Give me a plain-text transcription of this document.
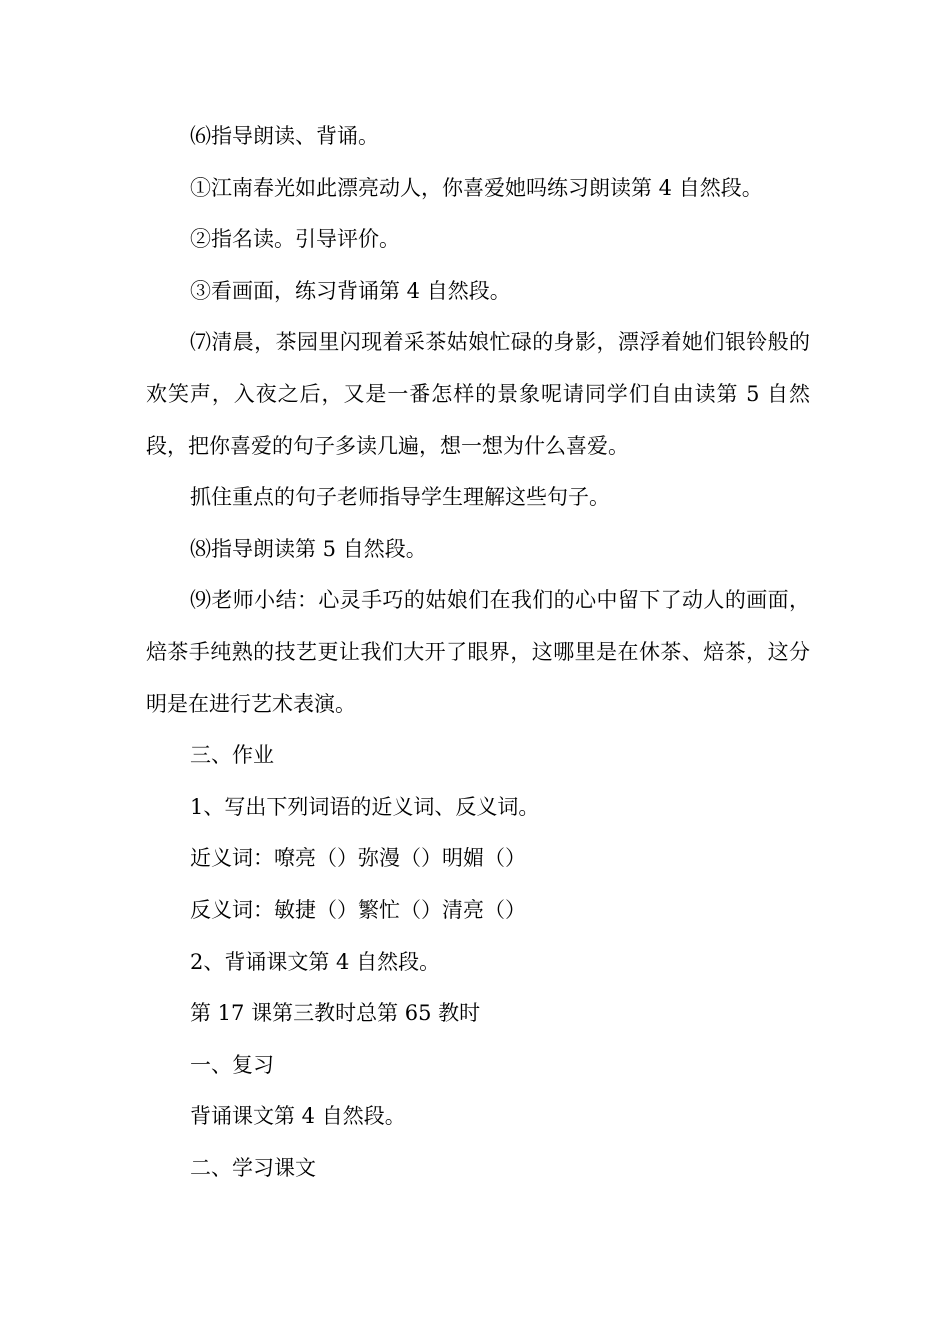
⑹指导朗读、背诵。

①江南春光如此漂亮动人，你喜爱她吗练习朗读第 4 自然段。

②指名读。引导评价。

③看画面，练习背诵第 4 自然段。

⑺清晨，茶园里闪现着采茶姑娘忙碌的身影，漂浮着她们银铃般的欢笑声，入夜之后，又是一番怎样的景象呢请同学们自由读第 5 自然段，把你喜爱的句子多读几遍，想一想为什么喜爱。

抓住重点的句子老师指导学生理解这些句子。

⑻指导朗读第 5 自然段。

⑼老师小结：心灵手巧的姑娘们在我们的心中留下了动人的画面，焙茶手纯熟的技艺更让我们大开了眼界，这哪里是在休茶、焙茶，这分明是在进行艺术表演。

三、作业

1、写出下列词语的近义词、反义词。

近义词：嘹亮（）弥漫（）明媚（）

反义词：敏捷（）繁忙（）清亮（）

2、背诵课文第 4 自然段。

第 17 课第三教时总第 65 教时

一、复习

背诵课文第 4 自然段。

二、学习课文
